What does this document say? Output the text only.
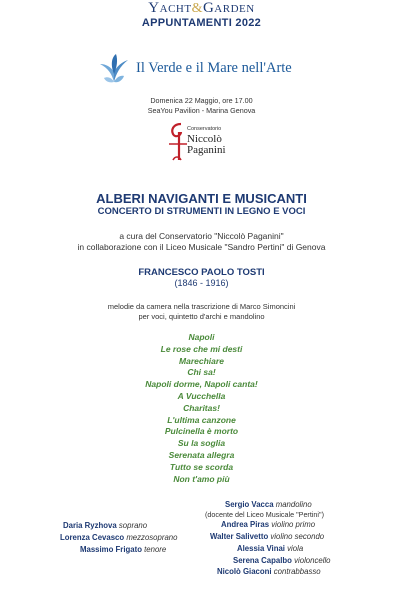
Yacht&Garden
APPUNTAMENTI 2022
Il Verde e il Mare nell'Arte
Domenica 22 Maggio, ore 17.00
SeaYou Pavilion - Marina Genova
Conservatorio
Niccolò
Paganini
ALBERI NAVIGANTI E MUSICANTI
CONCERTO DI STRUMENTI IN LEGNO E VOCI
a cura del Conservatorio "Niccolò Paganini"
in collaborazione con il Liceo Musicale "Sandro Pertini" di Genova
FRANCESCO PAOLO TOSTI
(1846 - 1916)
melodie da camera nella trascrizione di Marco Simoncini
per voci, quintetto d'archi e mandolino
Napoli
Le rose che mi desti
Marechiare
Chi sa!
Napoli dorme, Napoli canta!
A Vucchella
Charitas!
L'ultima canzone
Pulcinella è morto
Su la soglia
Serenata allegra
Tutto se scorda
Non t'amo più
Sergio Vacca mandolino
(docente del Liceo Musicale "Pertini")
Andrea Piras violino primo
Walter Salivetto violino secondo
Alessia Vinai viola
Serena Capalbo violoncello
Nicolò Giaconi contrabbasso
Daria Ryzhova soprano
Lorenza Cevasco mezzosoprano
Massimo Frigato tenore
